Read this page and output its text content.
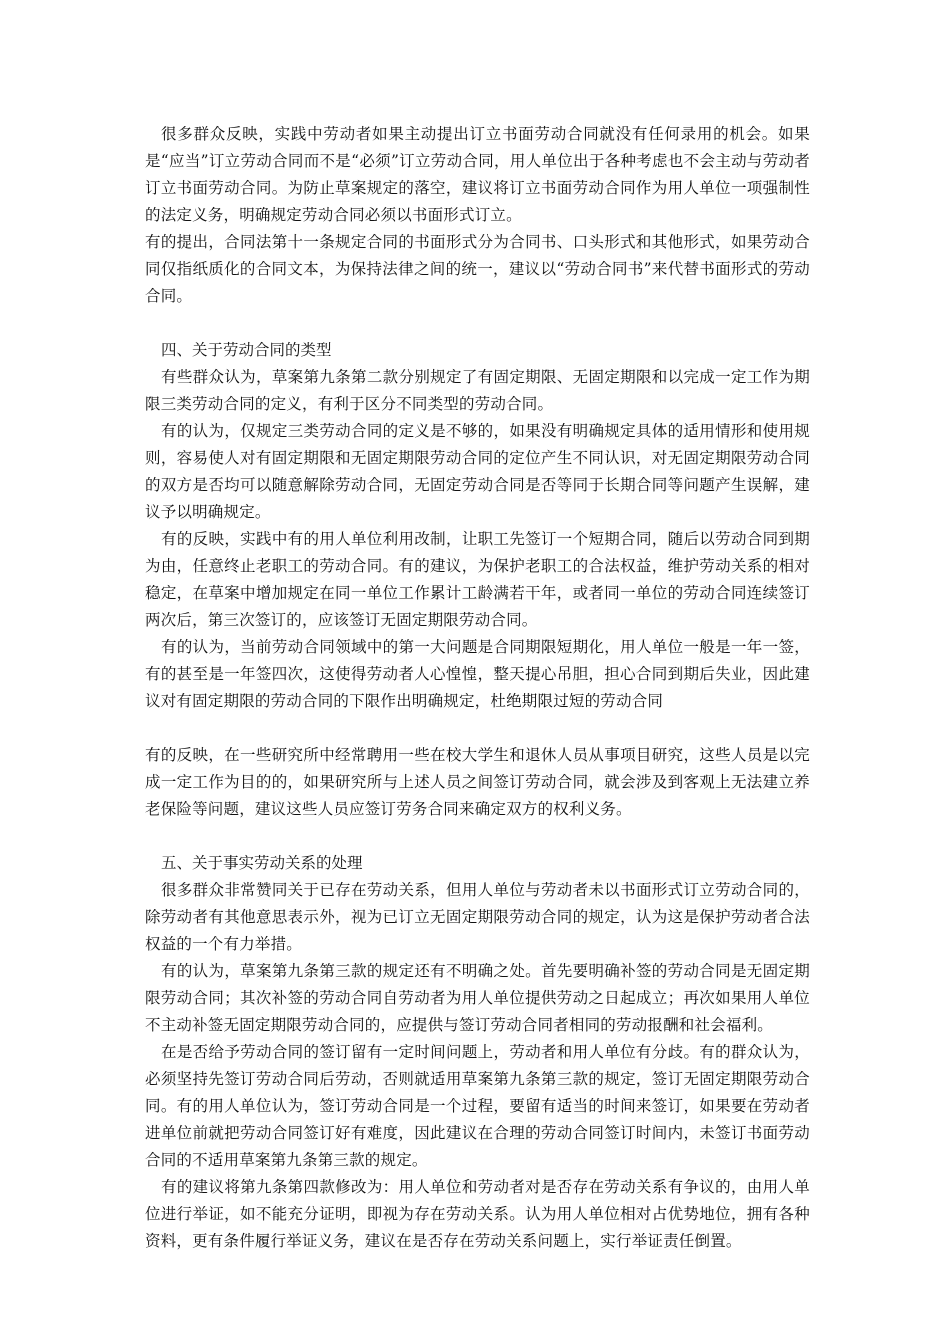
很多群众反映，实践中劳动者如果主动提出订立书面劳动合同就没有任何录用的机会。如果是“应当”订立劳动合同而不是“必须”订立劳动合同，用人单位出于各种考虑也不会主动与劳动者订立书面劳动合同。为防止草案规定的落空，建议将订立书面劳动合同作为用人单位一项强制性的法定义务，明确规定劳动合同必须以书面形式订立。

有的提出，合同法第十一条规定合同的书面形式分为合同书、口头形式和其他形式，如果劳动合同仅指纸质化的合同文本，为保持法律之间的统一，建议以“劳动合同书”来代替书面形式的劳动合同。

四、关于劳动合同的类型

有些群众认为，草案第九条第二款分别规定了有固定期限、无固定期限和以完成一定工作为期限三类劳动合同的定义，有利于区分不同类型的劳动合同。

有的认为，仅规定三类劳动合同的定义是不够的，如果没有明确规定具体的适用情形和使用规则，容易使人对有固定期限和无固定期限劳动合同的定位产生不同认识，对无固定期限劳动合同的双方是否均可以随意解除劳动合同，无固定劳动合同是否等同于长期合同等问题产生误解，建议予以明确规定。

有的反映，实践中有的用人单位利用改制，让职工先签订一个短期合同，随后以劳动合同到期为由，任意终止老职工的劳动合同。有的建议，为保护老职工的合法权益，维护劳动关系的相对稳定，在草案中增加规定在同一单位工作累计工龄满若干年，或者同一单位的劳动合同连续签订两次后，第三次签订的，应该签订无固定期限劳动合同。

有的认为，当前劳动合同领域中的第一大问题是合同期限短期化，用人单位一般是一年一签，有的甚至是一年签四次，这使得劳动者人心惶惶，整天提心吊胆，担心合同到期后失业，因此建议对有固定期限的劳动合同的下限作出明确规定，杜绝期限过短的劳动合同

有的反映，在一些研究所中经常聘用一些在校大学生和退休人员从事项目研究，这些人员是以完成一定工作为目的的，如果研究所与上述人员之间签订劳动合同，就会涉及到客观上无法建立养老保险等问题，建议这些人员应签订劳务合同来确定双方的权利义务。

五、关于事实劳动关系的处理

很多群众非常赞同关于已存在劳动关系，但用人单位与劳动者未以书面形式订立劳动合同的，除劳动者有其他意思表示外，视为已订立无固定期限劳动合同的规定，认为这是保护劳动者合法权益的一个有力举措。

有的认为，草案第九条第三款的规定还有不明确之处。首先要明确补签的劳动合同是无固定期限劳动合同；其次补签的劳动合同自劳动者为用人单位提供劳动之日起成立；再次如果用人单位不主动补签无固定期限劳动合同的，应提供与签订劳动合同者相同的劳动报酬和社会福利。

在是否给予劳动合同的签订留有一定时间问题上，劳动者和用人单位有分歧。有的群众认为，必须坚持先签订劳动合同后劳动，否则就适用草案第九条第三款的规定，签订无固定期限劳动合同。有的用人单位认为，签订劳动合同是一个过程，要留有适当的时间来签订，如果要在劳动者进单位前就把劳动合同签订好有难度，因此建议在合理的劳动合同签订时间内，未签订书面劳动合同的不适用草案第九条第三款的规定。

有的建议将第九条第四款修改为：用人单位和劳动者对是否存在劳动关系有争议的，由用人单位进行举证，如不能充分证明，即视为存在劳动关系。认为用人单位相对占优势地位，拥有各种资料，更有条件履行举证义务，建议在是否存在劳动关系问题上，实行举证责任倒置。
